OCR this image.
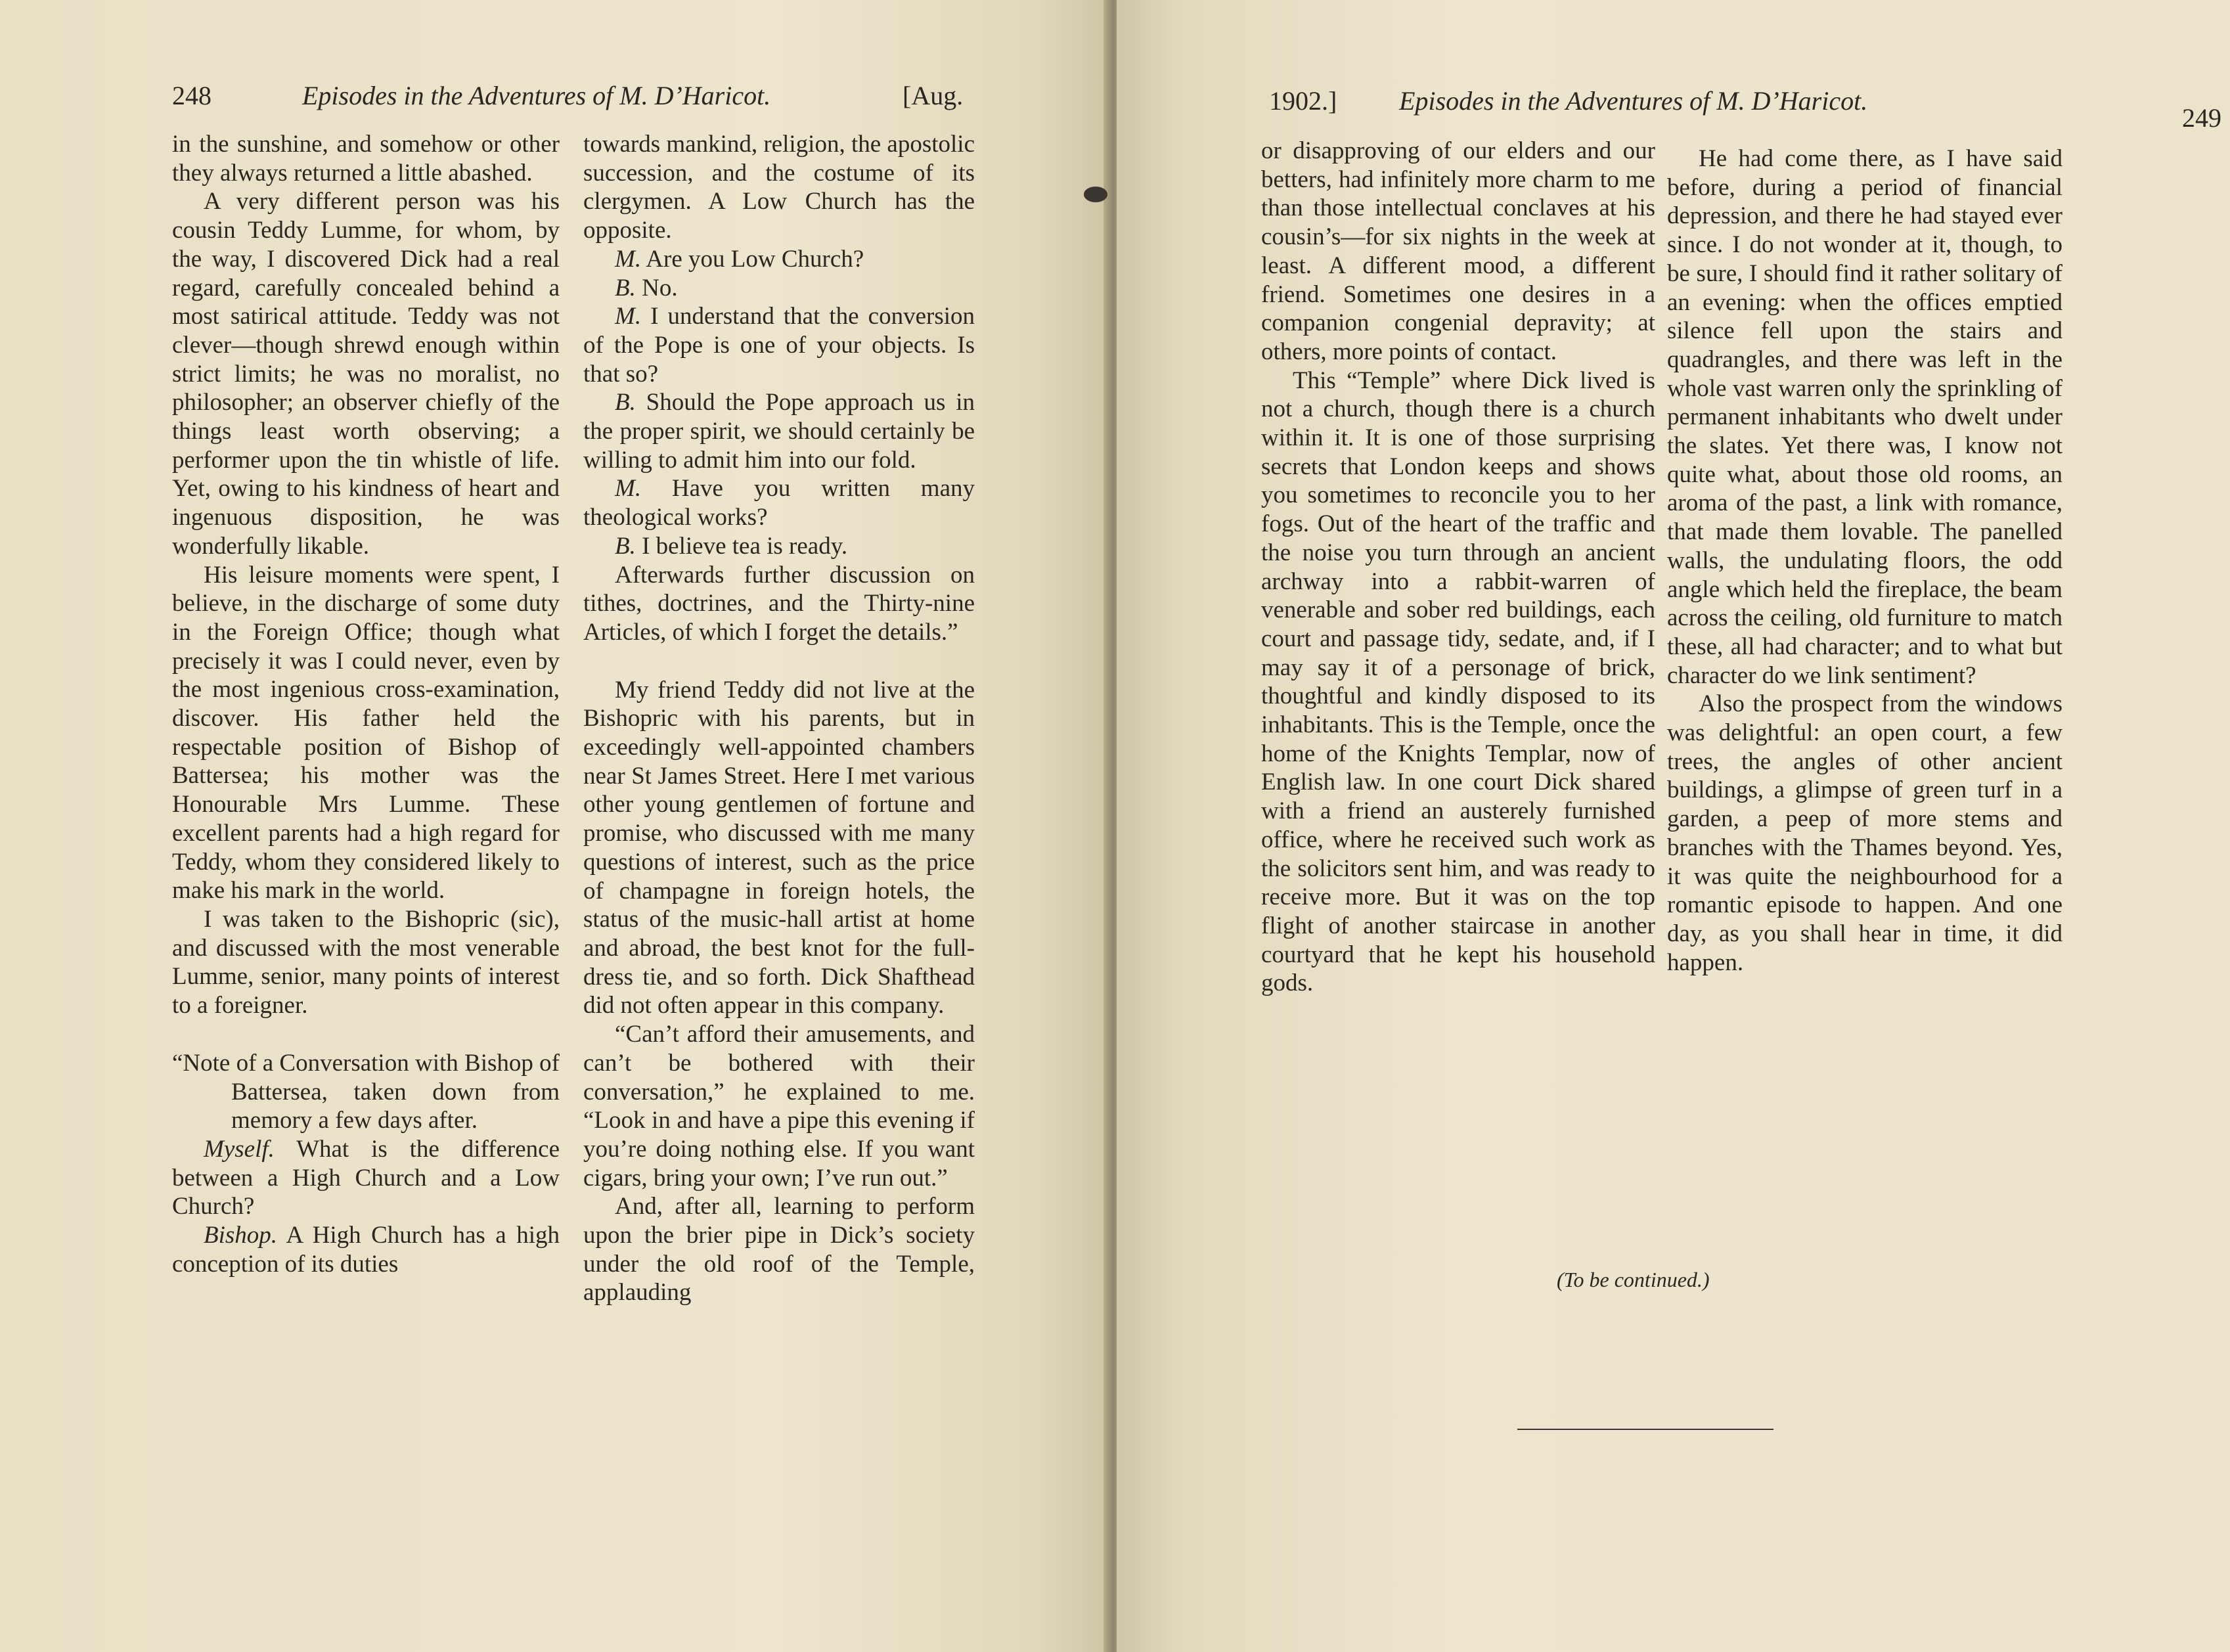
248	Episodes in the Adventures of M. D’Haricot.	[Aug.

in the sunshine, and somehow or other they always returned a little abashed.

A very different person was his cousin Teddy Lumme, for whom, by the way, I discovered Dick had a real regard, carefully concealed behind a most satirical attitude. Teddy was not clever—though shrewd enough within strict limits; he was no moralist, no philosopher; an observer chiefly of the things least worth observing; a performer upon the tin whistle of life. Yet, owing to his kindness of heart and ingenuous disposition, he was wonderfully likable.

His leisure moments were spent, I believe, in the discharge of some duty in the Foreign Office; though what precisely it was I could never, even by the most ingenious cross-examination, discover. His father held the respectable position of Bishop of Battersea; his mother was the Honourable Mrs Lumme. These excellent parents had a high regard for Teddy, whom they considered likely to make his mark in the world.

I was taken to the Bishopric (sic), and discussed with the most venerable Lumme, senior, many points of interest to a foreigner.

“Note of a Conversation with Bishop of Battersea, taken down from memory a few days after.

Myself. What is the difference between a High Church and a Low Church?

Bishop. A High Church has a high conception of its duties

towards mankind, religion, the apostolic succession, and the costume of its clergymen. A Low Church has the opposite.

M. Are you Low Church?

B. No.

M. I understand that the conversion of the Pope is one of your objects. Is that so?

B. Should the Pope approach us in the proper spirit, we should certainly be willing to admit him into our fold.

M. Have you written many theological works?

B. I believe tea is ready.

Afterwards further discussion on tithes, doctrines, and the Thirty-nine Articles, of which I forget the details.”

My friend Teddy did not live at the Bishopric with his parents, but in exceedingly well-appointed chambers near St James Street. Here I met various other young gentlemen of fortune and promise, who discussed with me many questions of interest, such as the price of champagne in foreign hotels, the status of the music-hall artist at home and abroad, the best knot for the full-dress tie, and so forth. Dick Shafthead did not often appear in this company.

“Can’t afford their amusements, and can’t be bothered with their conversation,” he explained to me. “Look in and have a pipe this evening if you’re doing nothing else. If you want cigars, bring your own; I’ve run out.”

And, after all, learning to perform upon the brier pipe in Dick’s society under the old roof of the Temple, applauding

1902.] Episodes in the Adventures of M. D’Haricot.
249

or disapproving of our elders and our betters, had infinitely more charm to me than those intellectual conclaves at his cousin’s—for six nights in the week at least. A different mood, a different friend. Sometimes one desires in a companion congenial depravity; at others, more points of contact.

This “Temple” where Dick lived is not a church, though there is a church within it. It is one of those surprising secrets that London keeps and shows you sometimes to reconcile you to her fogs. Out of the heart of the traffic and the noise you turn through an ancient archway into a rabbit-warren of venerable and sober red buildings, each court and passage tidy, sedate, and, if I may say it of a personage of brick, thoughtful and kindly disposed to its inhabitants. This is the Temple, once the home of the Knights Templar, now of English law. In one court Dick shared with a friend an austerely furnished office, where he received such work as the solicitors sent him, and was ready to receive more. But it was on the top flight of another staircase in another courtyard that he kept his household gods.

He had come there, as I have said before, during a period of financial depression, and there he had stayed ever since. I do not wonder at it, though, to be sure, I should find it rather solitary of an evening: when the offices emptied silence fell upon the stairs and quadrangles, and there was left in the whole vast warren only the sprinkling of permanent inhabitants who dwelt under the slates. Yet there was, I know not quite what, about those old rooms, an aroma of the past, a link with romance, that made them lovable. The panelled walls, the undulating floors, the odd angle which held the fireplace, the beam across the ceiling, old furniture to match these, all had character; and to what but character do we link sentiment?

Also the prospect from the windows was delightful: an open court, a few trees, the angles of other ancient buildings, a glimpse of green turf in a garden, a peep of more stems and branches with the Thames beyond. Yes, it was quite the neighbourhood for a romantic episode to happen. And one day, as you shall hear in time, it did happen.

(To be continued.)
